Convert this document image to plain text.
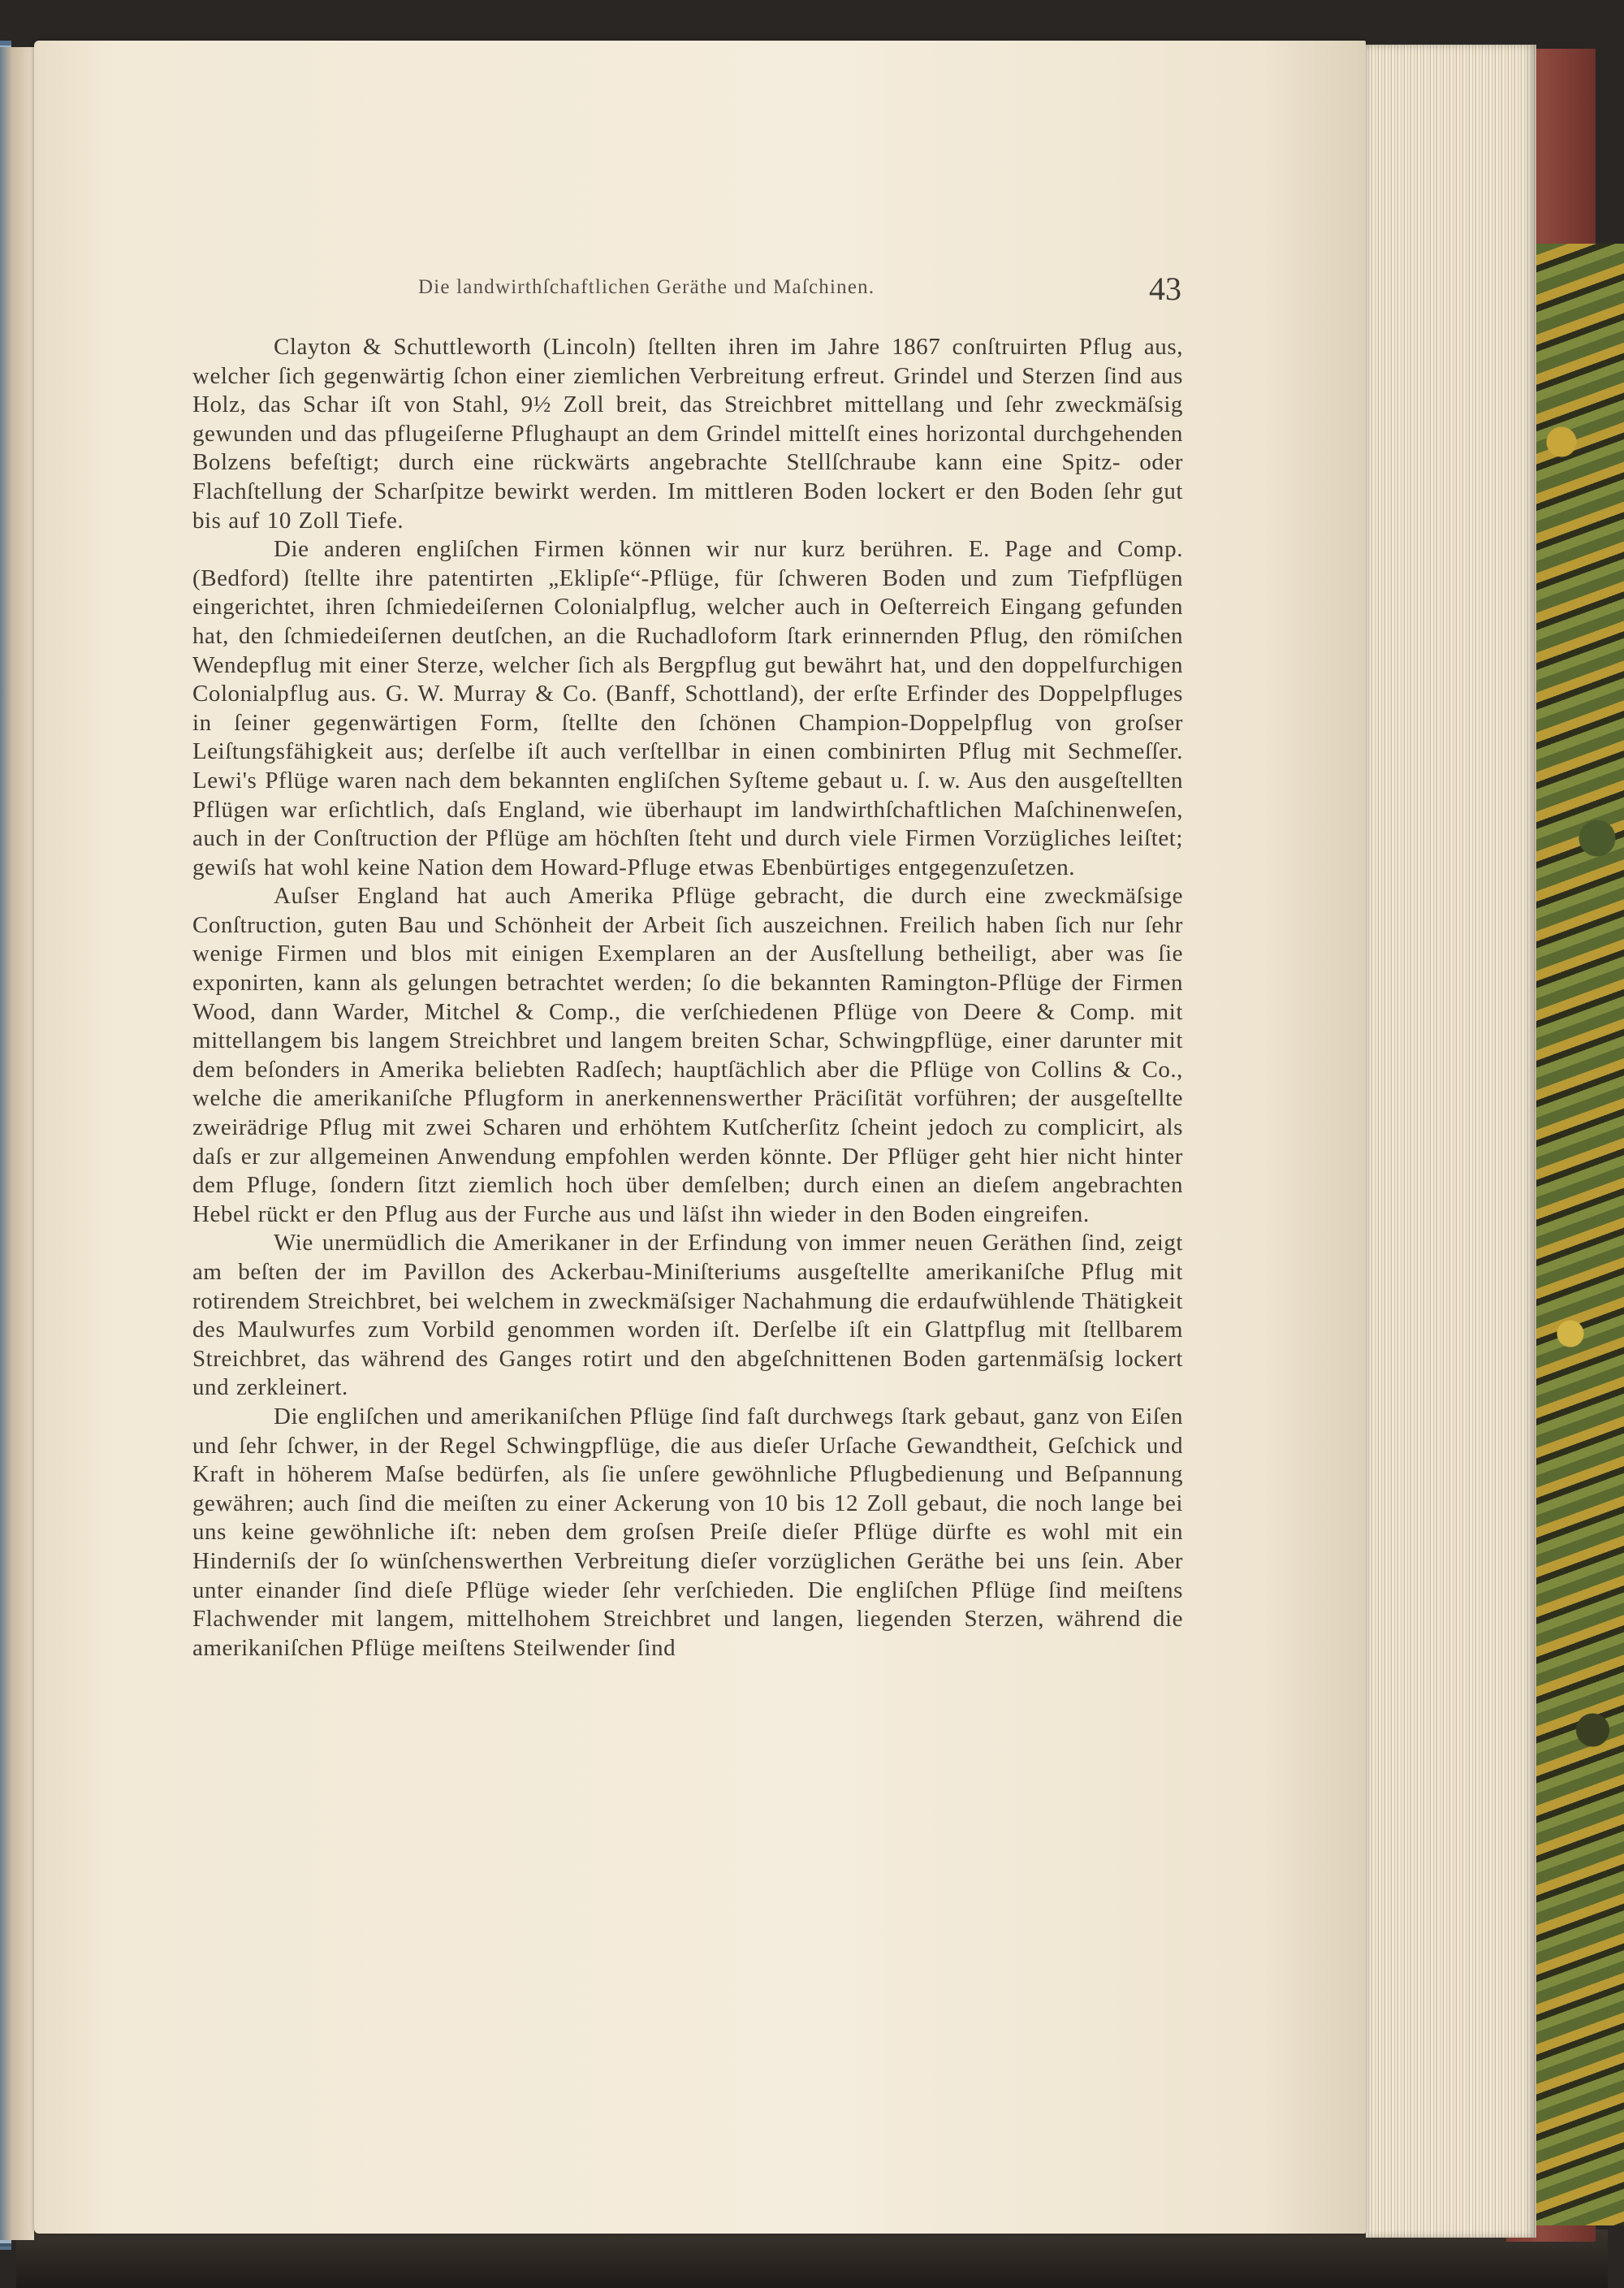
Die landwirthſchaftlichen Geräthe und Maſchinen.	43

Clayton & Schuttleworth (Lincoln) ſtellten ihren im Jahre 1867 conſtruirten Pflug aus, welcher ſich gegenwärtig ſchon einer ziemlichen Verbreitung erfreut. Grindel und Sterzen ſind aus Holz, das Schar iſt von Stahl, 9½ Zoll breit, das Streichbret mittellang und ſehr zweckmäſsig gewunden und das pflugeiſerne Pflughaupt an dem Grindel mittelſt eines horizontal durchgehenden Bolzens befeſtigt; durch eine rückwärts angebrachte Stellſchraube kann eine Spitz- oder Flachſtellung der Scharſpitze bewirkt werden. Im mittleren Boden lockert er den Boden ſehr gut bis auf 10 Zoll Tiefe.

Die anderen engliſchen Firmen können wir nur kurz berühren. E. Page and Comp. (Bedford) ſtellte ihre patentirten „Eklipſe“-Pflüge, für ſchweren Boden und zum Tiefpflügen eingerichtet, ihren ſchmiedeiſernen Colonialpflug, welcher auch in Oeſterreich Eingang gefunden hat, den ſchmiedeiſernen deutſchen, an die Ruchadloform ſtark erinnernden Pflug, den römiſchen Wendepflug mit einer Sterze, welcher ſich als Bergpflug gut bewährt hat, und den doppelfurchigen Colonialpflug aus. G. W. Murray & Co. (Banff, Schottland), der erſte Erfinder des Doppelpfluges in ſeiner gegenwärtigen Form, ſtellte den ſchönen Champion-Doppelpflug von groſser Leiſtungsfähigkeit aus; derſelbe iſt auch verſtellbar in einen combinirten Pflug mit Sechmeſſer. Lewi's Pflüge waren nach dem bekannten engliſchen Syſteme gebaut u. ſ. w. Aus den ausgeſtellten Pflügen war erſichtlich, daſs England, wie überhaupt im landwirthſchaftlichen Maſchinenweſen, auch in der Conſtruction der Pflüge am höchſten ſteht und durch viele Firmen Vorzügliches leiſtet; gewiſs hat wohl keine Nation dem Howard-Pfluge etwas Ebenbürtiges entgegenzuſetzen.

Auſser England hat auch Amerika Pflüge gebracht, die durch eine zweckmäſsige Conſtruction, guten Bau und Schönheit der Arbeit ſich auszeichnen. Freilich haben ſich nur ſehr wenige Firmen und blos mit einigen Exemplaren an der Ausſtellung betheiligt, aber was ſie exponirten, kann als gelungen betrachtet werden; ſo die bekannten Ramington-Pflüge der Firmen Wood, dann Warder, Mitchel & Comp., die verſchiedenen Pflüge von Deere & Comp. mit mittellangem bis langem Streichbret und langem breiten Schar, Schwingpflüge, einer darunter mit dem beſonders in Amerika beliebten Radſech; hauptſächlich aber die Pflüge von Collins & Co., welche die amerikaniſche Pflugform in anerkennenswerther Präciſität vorführen; der ausgeſtellte zweirädrige Pflug mit zwei Scharen und erhöhtem Kutſcherſitz ſcheint jedoch zu complicirt, als daſs er zur allgemeinen Anwendung empfohlen werden könnte. Der Pflüger geht hier nicht hinter dem Pfluge, ſondern ſitzt ziemlich hoch über demſelben; durch einen an dieſem angebrachten Hebel rückt er den Pflug aus der Furche aus und läſst ihn wieder in den Boden eingreifen.

Wie unermüdlich die Amerikaner in der Erfindung von immer neuen Geräthen ſind, zeigt am beſten der im Pavillon des Ackerbau-Miniſteriums ausgeſtellte amerikaniſche Pflug mit rotirendem Streichbret, bei welchem in zweckmäſsiger Nachahmung die erdaufwühlende Thätigkeit des Maulwurfes zum Vorbild genommen worden iſt. Derſelbe iſt ein Glattpflug mit ſtellbarem Streichbret, das während des Ganges rotirt und den abgeſchnittenen Boden gartenmäſsig lockert und zerkleinert.

Die engliſchen und amerikaniſchen Pflüge ſind faſt durchwegs ſtark gebaut, ganz von Eiſen und ſehr ſchwer, in der Regel Schwingpflüge, die aus dieſer Urſache Gewandtheit, Geſchick und Kraft in höherem Maſse bedürfen, als ſie unſere gewöhnliche Pflugbedienung und Beſpannung gewähren; auch ſind die meiſten zu einer Ackerung von 10 bis 12 Zoll gebaut, die noch lange bei uns keine gewöhnliche iſt: neben dem groſsen Preiſe dieſer Pflüge dürfte es wohl mit ein Hinderniſs der ſo wünſchenswerthen Verbreitung dieſer vorzüglichen Geräthe bei uns ſein. Aber unter einander ſind dieſe Pflüge wieder ſehr verſchieden. Die engliſchen Pflüge ſind meiſtens Flachwender mit langem, mittelhohem Streichbret und langen, liegenden Sterzen, während die amerikaniſchen Pflüge meiſtens Steilwender ſind
